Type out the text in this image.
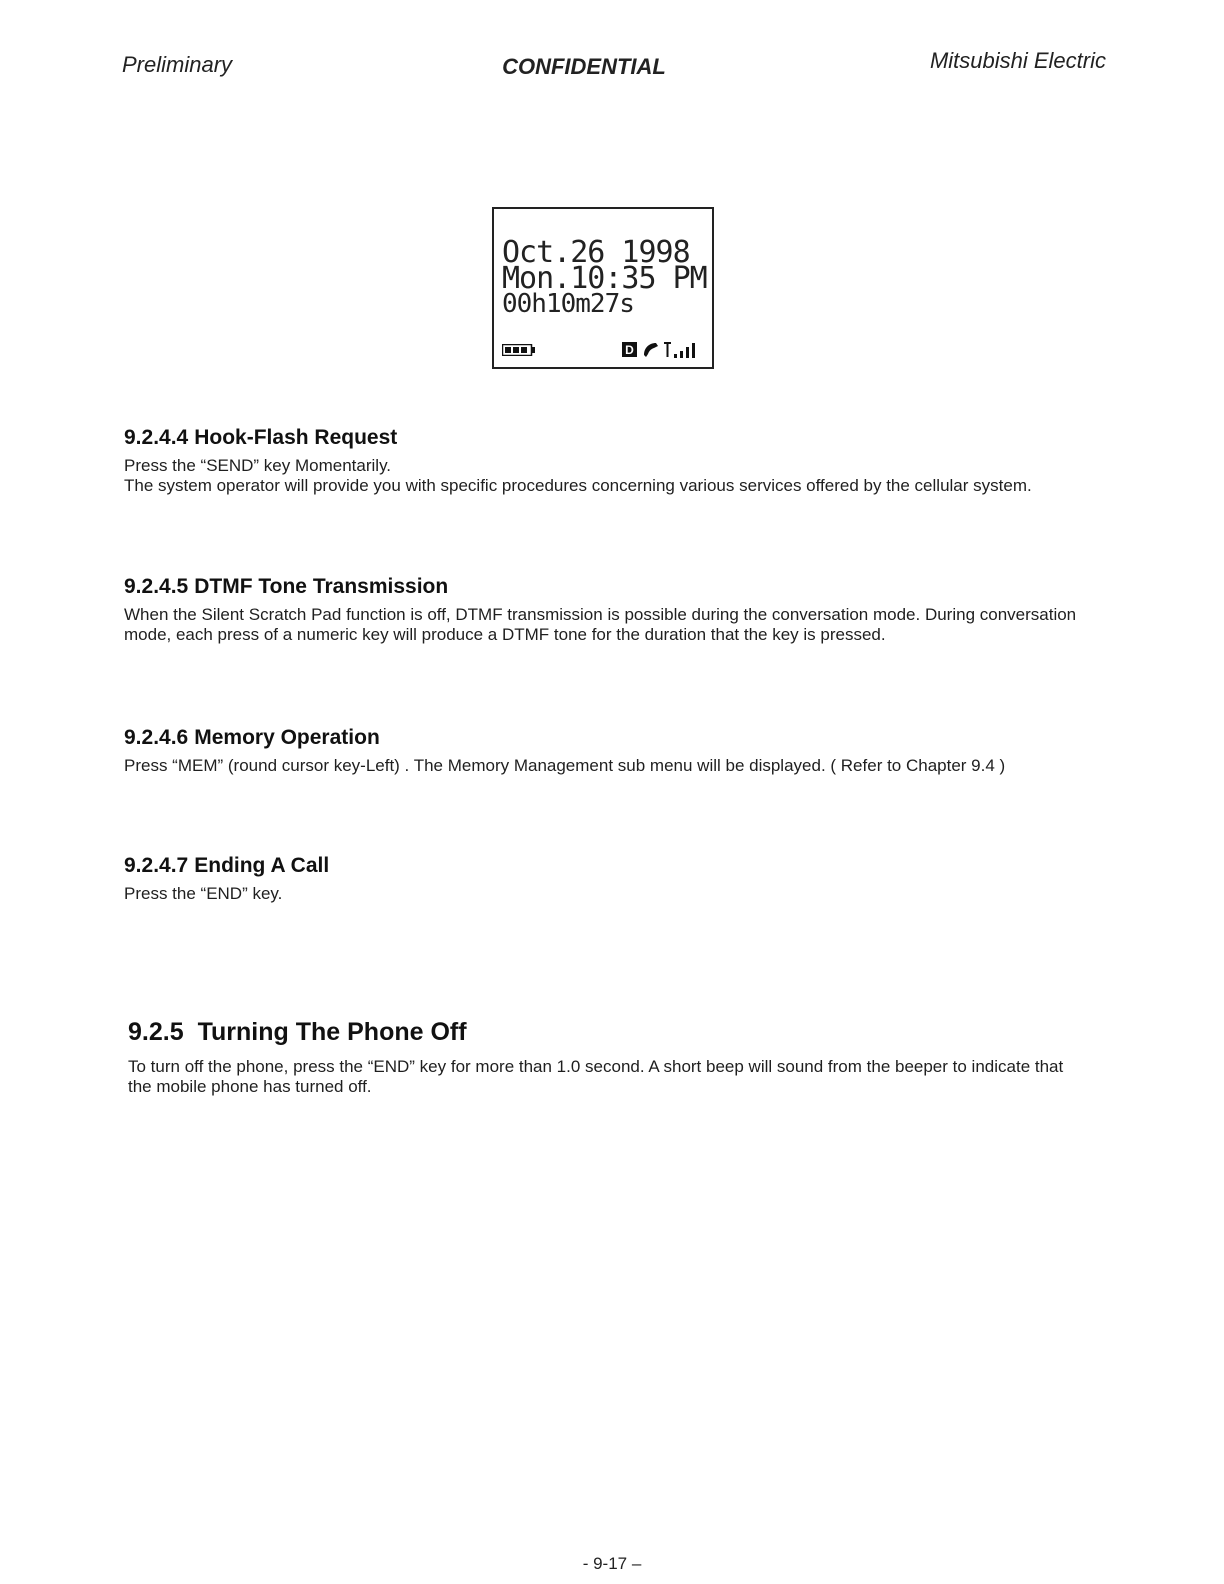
Preliminary	CONFIDENTIAL	Mitsubishi Electric
Oct.26 1998
Mon.10:35 PM
00h10m27s
D
9.2.4.4 Hook-Flash Request

Press the “SEND” key Momentarily.

The system operator will provide you with specific procedures concerning various services offered by the cellular system.

9.2.4.5 DTMF Tone Transmission

When the Silent Scratch Pad function is off, DTMF transmission is possible during the conversation mode. During conversation mode, each press of a numeric key will produce a DTMF tone for the duration that the key is pressed.

9.2.4.6 Memory Operation

Press “MEM” (round cursor key-Left) . The Memory Management sub menu will be displayed. ( Refer to Chapter 9.4 )

9.2.4.7 Ending A Call

Press the “END” key.

9.2.5 Turning The Phone Off

To turn off the phone, press the “END” key for more than 1.0 second. A short beep will sound from the beeper to indicate that the mobile phone has turned off.

- 9-17 –
